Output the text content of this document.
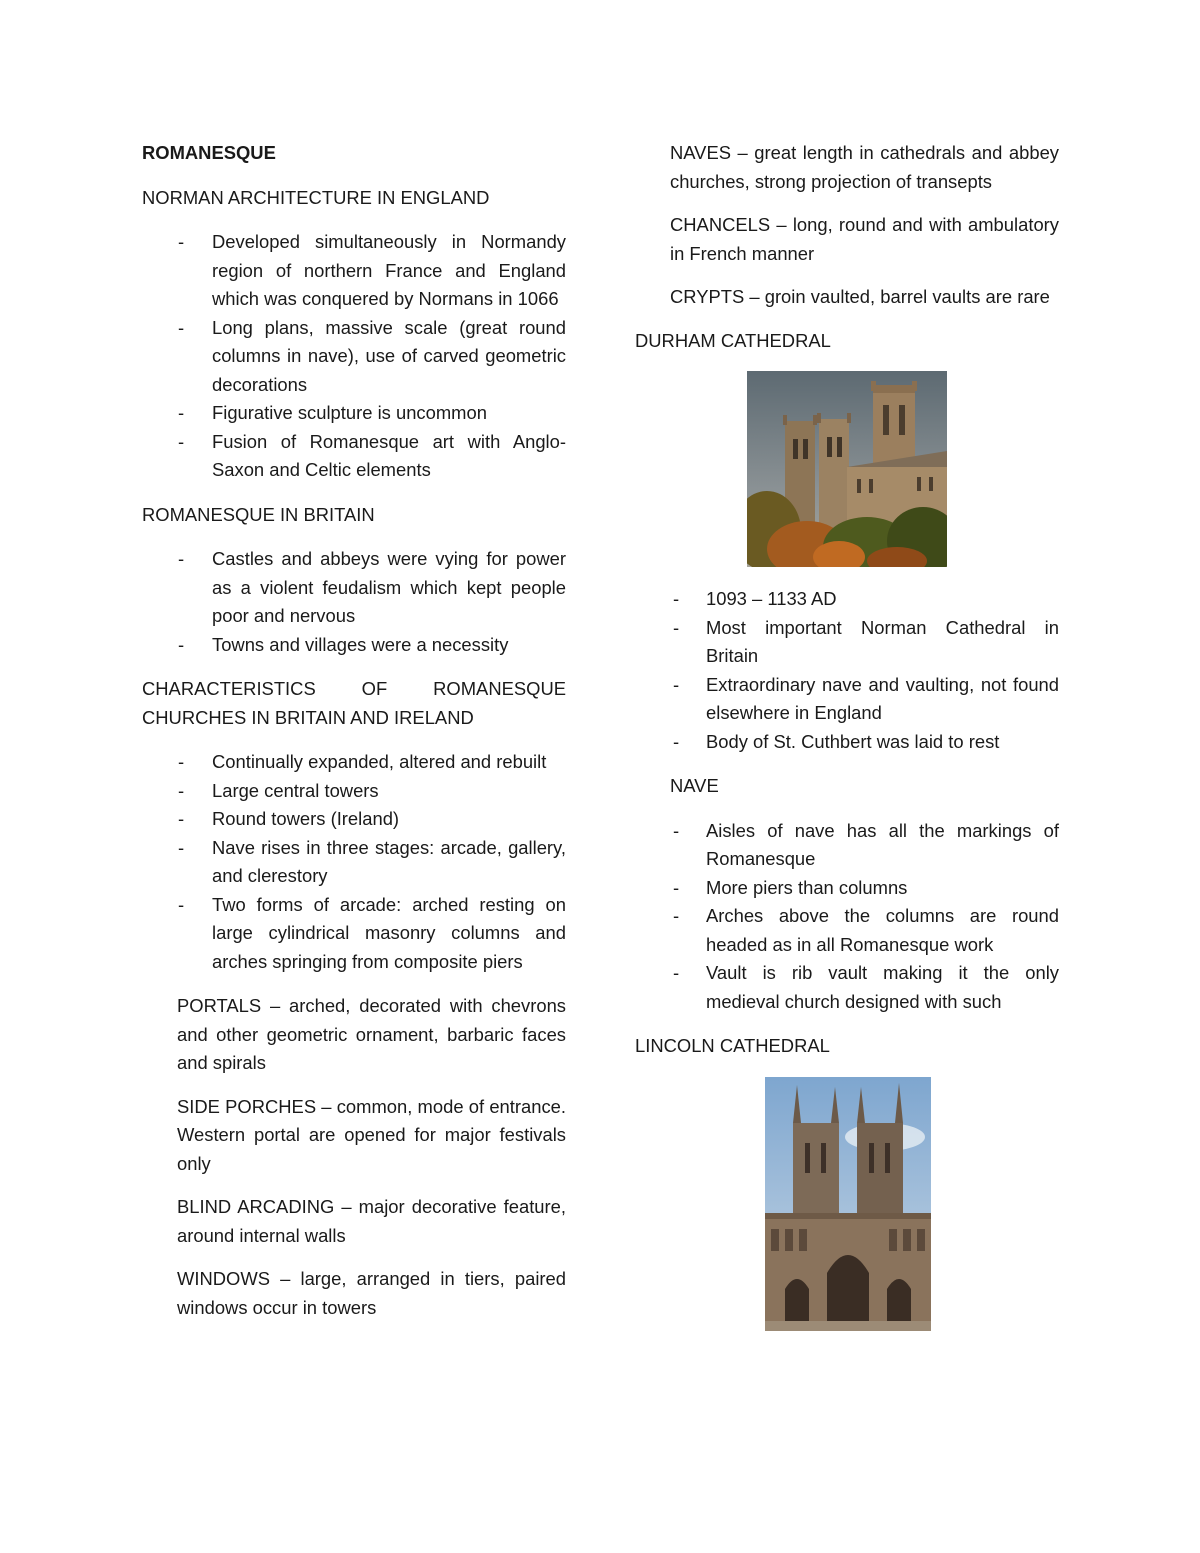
ROMANESQUE
NORMAN ARCHITECTURE IN ENGLAND
- Developed simultaneously in Normandy region of northern France and England which was conquered by Normans in 1066
- Long plans, massive scale (great round columns in nave), use of carved geometric decorations
- Figurative sculpture is uncommon
- Fusion of Romanesque art with Anglo-Saxon and Celtic elements
ROMANESQUE IN BRITAIN
- Castles and abbeys were vying for power as a violent feudalism which kept people poor and nervous
- Towns and villages were a necessity
CHARACTERISTICS OF ROMANESQUE CHURCHES IN BRITAIN AND IRELAND
- Continually expanded, altered and rebuilt
- Large central towers
- Round towers (Ireland)
- Nave rises in three stages: arcade, gallery, and clerestory
- Two forms of arcade: arched resting on large cylindrical masonry columns and arches springing from composite piers

PORTALS – arched, decorated with chevrons and other geometric ornament, barbaric faces and spirals

SIDE PORCHES – common, mode of entrance. Western portal are opened for major festivals only

BLIND ARCADING – major decorative feature, around internal walls

WINDOWS – large, arranged in tiers, paired windows occur in towers

NAVES – great length in cathedrals and abbey churches, strong projection of transepts

CHANCELS – long, round and with ambulatory in French manner

CRYPTS – groin vaulted, barrel vaults are rare

DURHAM CATHEDRAL
- 1093 – 1133 AD
- Most important Norman Cathedral in Britain
- Extraordinary nave and vaulting, not found elsewhere in England
- Body of St. Cuthbert was laid to rest
NAVE
- Aisles of nave has all the markings of Romanesque
- More piers than columns
- Arches above the columns are round headed as in all Romanesque work
- Vault is rib vault making it the only medieval church designed with such
LINCOLN CATHEDRAL
